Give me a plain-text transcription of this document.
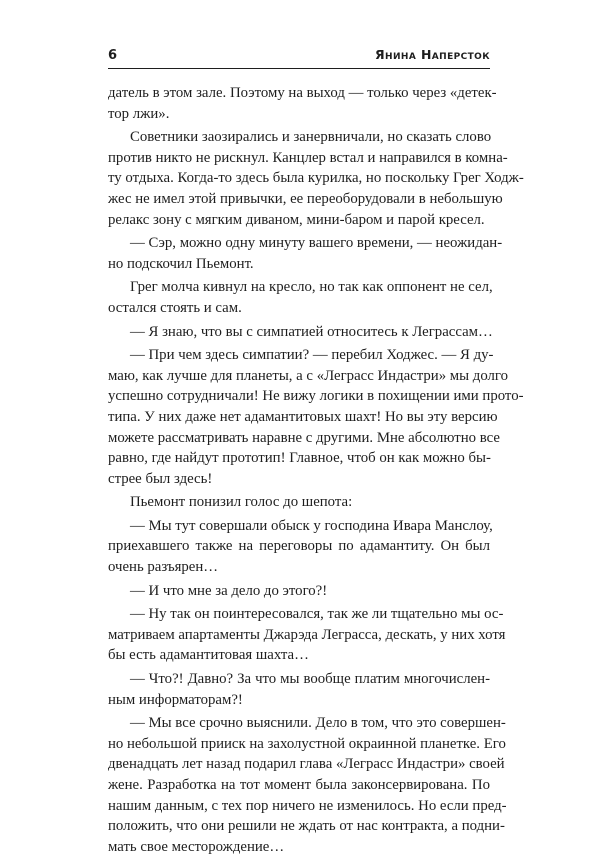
6	Янина Наперсток
датель в этом зале. Поэтому на выход — только через «детек-
тор лжи».
Советники заозирались и занервничали, но сказать слово
против никто не рискнул. Канцлер встал и направился в комна-
ту отдыха. Когда-то здесь была курилка, но поскольку Грег Ходж-
жес не имел этой привычки, ее переоборудовали в небольшую
релакс зону с мягким диваном, мини-баром и парой кресел.
— Сэр, можно одну минуту вашего времени, — неожидан-
но подскочил Пьемонт.
Грег молча кивнул на кресло, но так как оппонент не сел,
остался стоять и сам.
— Я знаю, что вы с симпатией относитесь к Леграссам…
— При чем здесь симпатии? — перебил Ходжес. — Я ду-
маю, как лучше для планеты, а с «Леграсс Индастри» мы долго
успешно сотрудничали! Не вижу логики в похищении ими прото-
типа. У них даже нет адамантитовых шахт! Но вы эту версию
можете рассматривать наравне с другими. Мне абсолютно все
равно, где найдут прототип! Главное, чтоб он как можно бы-
стрее был здесь!
Пьемонт понизил голос до шепота:
— Мы тут совершали обыск у господина Ивара Манслоу,
приехавшего также на переговоры по адамантиту. Он был
очень разъярен…
— И что мне за дело до этого?!
— Ну так он поинтересовался, так же ли тщательно мы ос-
матриваем апартаменты Джарэда Леграсса, дескать, у них хотя
бы есть адамантитовая шахта…
— Что?! Давно? За что мы вообще платим многочислен-
ным информаторам?!
— Мы все срочно выяснили. Дело в том, что это совершен-
но небольшой прииск на захолустной окраинной планетке. Его
двенадцать лет назад подарил глава «Леграсс Индастри» своей
жене. Разработка на тот момент была законсервирована. По
нашим данным, с тех пор ничего не изменилось. Но если пред-
положить, что они решили не ждать от нас контракта, а подни-
мать свое месторождение…
